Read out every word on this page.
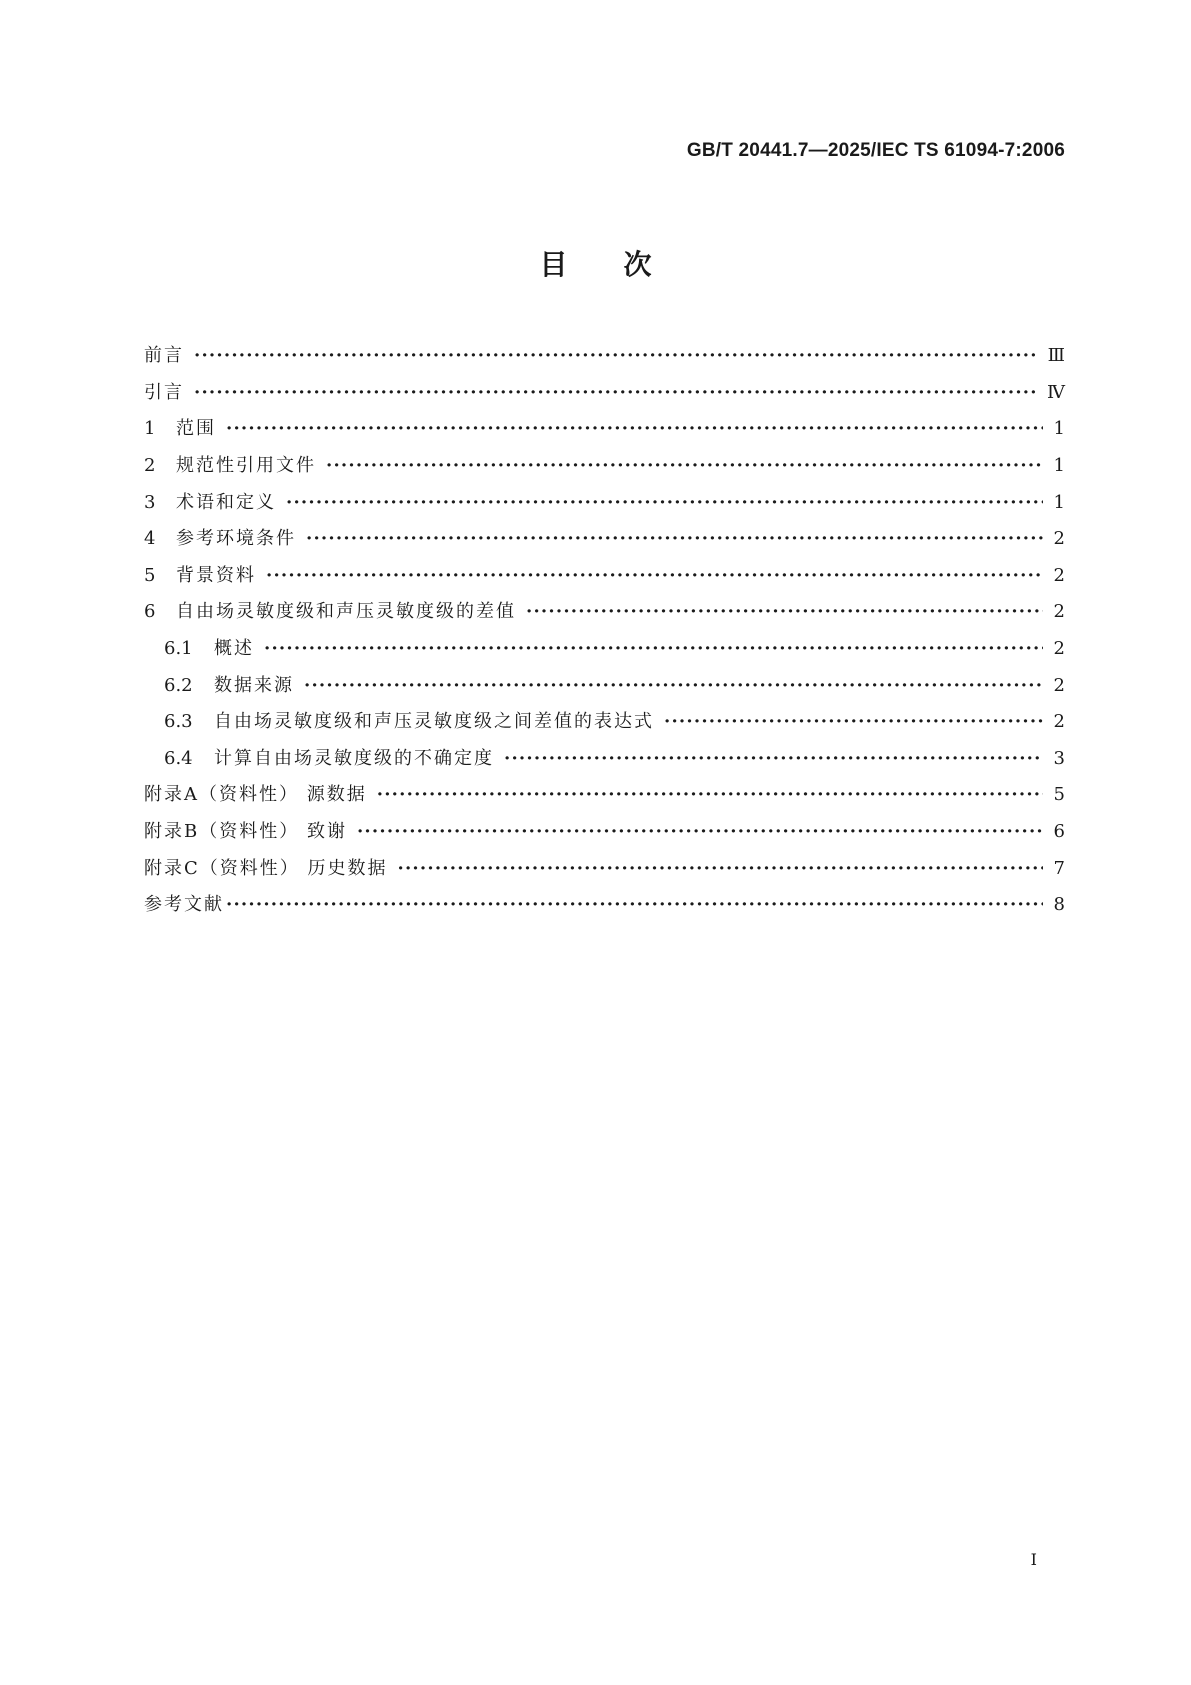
GB/T 20441.7—2025/IEC TS 61094-7:2006
目次
前言 ·····	Ⅲ
引言 ·····	Ⅳ
1	范围 ·····	1
2	规范性引用文件 ·····	1
3	术语和定义 ·····	1
4	参考环境条件 ·····	2
5	背景资料 ·····	2
6	自由场灵敏度级和声压灵敏度级的差值 ·····	2
6.1	概述 ·····	2
6.2	数据来源 ·····	2
6.3	自由场灵敏度级和声压灵敏度级之间差值的表达式 ·····	2
6.4	计算自由场灵敏度级的不确定度 ·····	3
附录A（资料性） 源数据 ·····	5
附录B（资料性） 致谢 ·····	6
附录C（资料性） 历史数据 ·····	7
参考文献 ·····	8
I
